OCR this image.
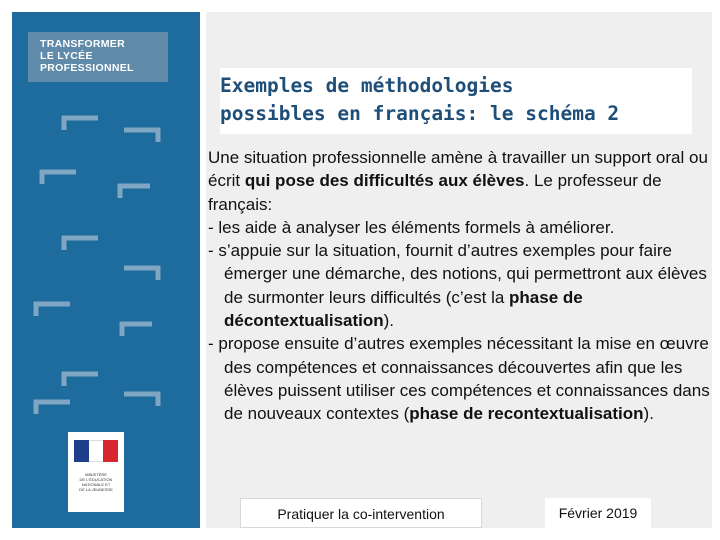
TRANSFORMER
LE LYCÉE
PROFESSIONNEL
MINISTÈRE
DE L'ÉDUCATION
NATIONALE ET
DE LA JEUNESSE
Exemples de méthodologies
possibles en français: le schéma 2

Une situation professionnelle amène à travailler un support oral ou écrit qui pose des difficultés aux élèves. Le professeur de français:

- les aide à analyser les éléments formels à améliorer.

- s’appuie sur la situation, fournit d’autres exemples pour faire émerger une démarche, des notions, qui permettront aux élèves de surmonter leurs difficultés (c’est la phase de décontextualisation).

- propose ensuite d’autres exemples nécessitant la mise en œuvre des compétences et connaissances découvertes afin que les élèves puissent utiliser ces compétences et connaissances dans de nouveaux contextes (phase de recontextualisation).

Pratiquer la co-intervention	Février 2019
